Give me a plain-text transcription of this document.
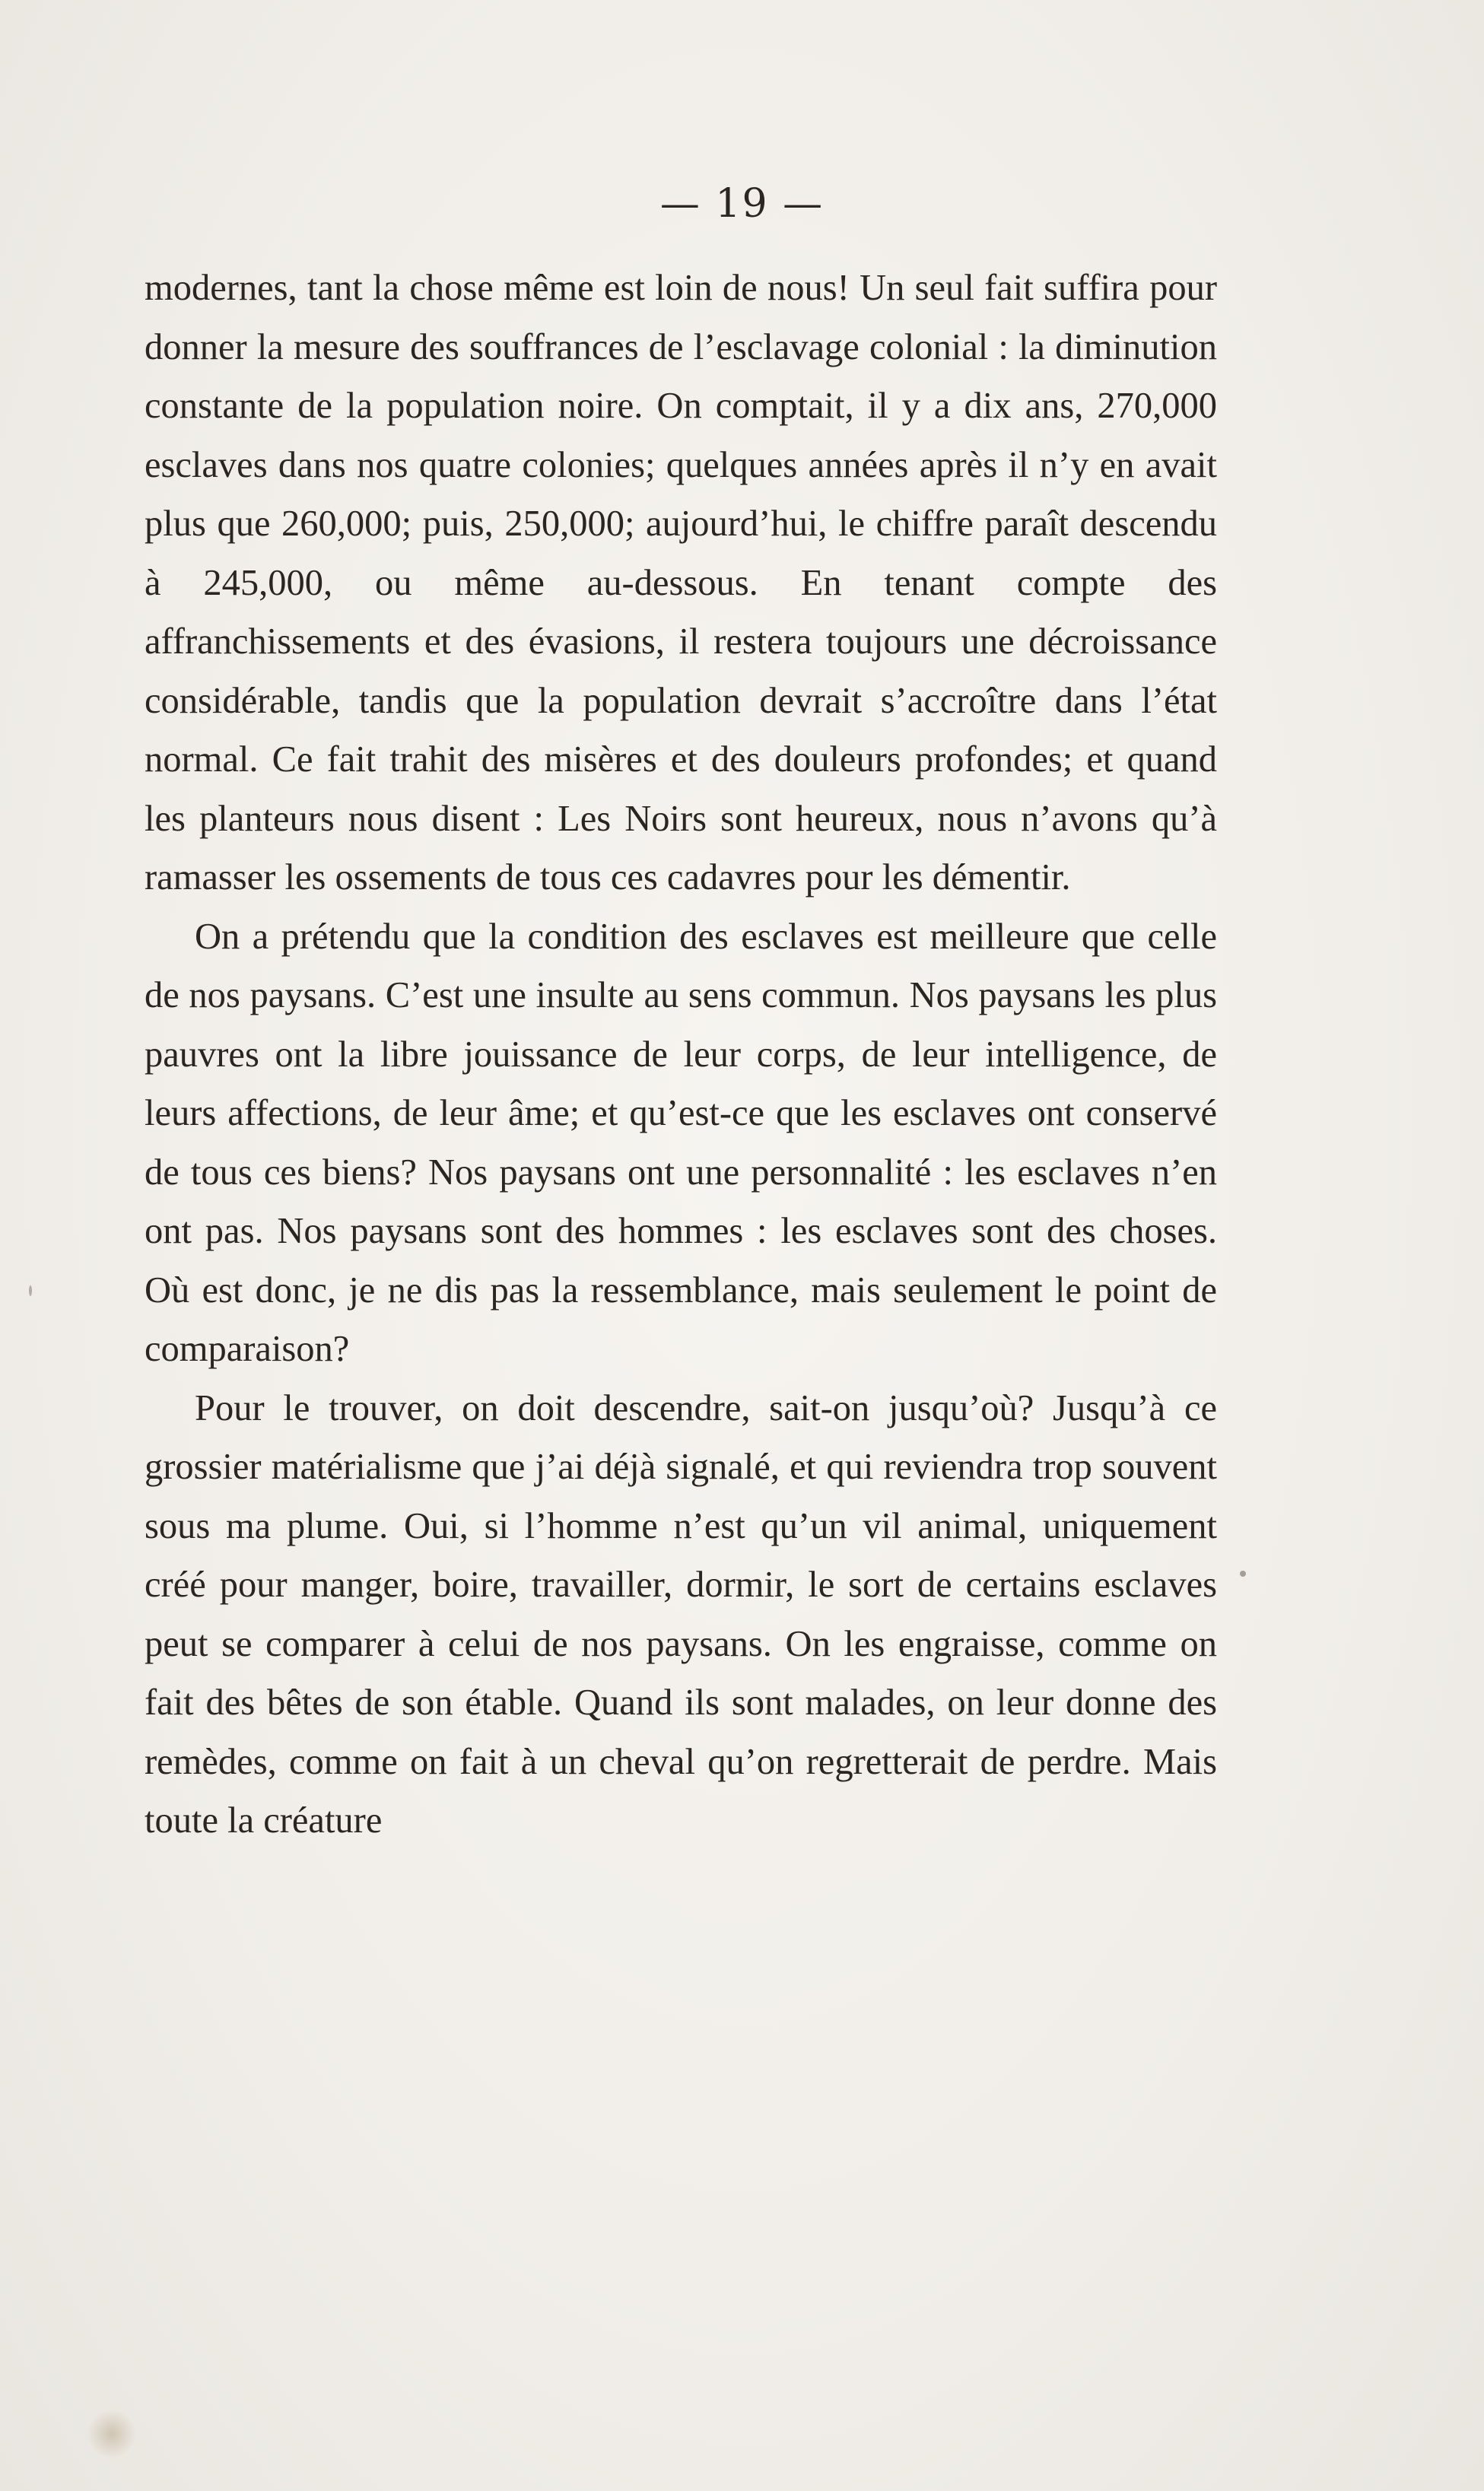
— 19 —

modernes, tant la chose même est loin de nous! Un seul fait suffira pour donner la mesure des souffrances de l’esclavage colonial : la diminution constante de la population noire. On comptait, il y a dix ans, 270,000 esclaves dans nos quatre colonies; quelques années après il n’y en avait plus que 260,000; puis, 250,000; aujourd’hui, le chiffre paraît descendu à 245,000, ou même au-dessous. En tenant compte des affranchissements et des évasions, il restera toujours une décroissance considérable, tandis que la population devrait s’accroître dans l’état normal. Ce fait trahit des misères et des douleurs profondes; et quand les planteurs nous disent : Les Noirs sont heureux, nous n’avons qu’à ramasser les ossements de tous ces cadavres pour les démentir.

On a prétendu que la condition des esclaves est meilleure que celle de nos paysans. C’est une insulte au sens commun. Nos paysans les plus pauvres ont la libre jouissance de leur corps, de leur intelligence, de leurs affections, de leur âme; et qu’est-ce que les esclaves ont conservé de tous ces biens? Nos paysans ont une personnalité : les esclaves n’en ont pas. Nos paysans sont des hommes : les esclaves sont des choses. Où est donc, je ne dis pas la ressemblance, mais seulement le point de comparaison?

Pour le trouver, on doit descendre, sait-on jusqu’où? Jusqu’à ce grossier matérialisme que j’ai déjà signalé, et qui reviendra trop souvent sous ma plume. Oui, si l’homme n’est qu’un vil animal, uniquement créé pour manger, boire, travailler, dormir, le sort de certains esclaves peut se comparer à celui de nos paysans. On les engraisse, comme on fait des bêtes de son étable. Quand ils sont malades, on leur donne des remèdes, comme on fait à un cheval qu’on regretterait de perdre. Mais toute la créature
